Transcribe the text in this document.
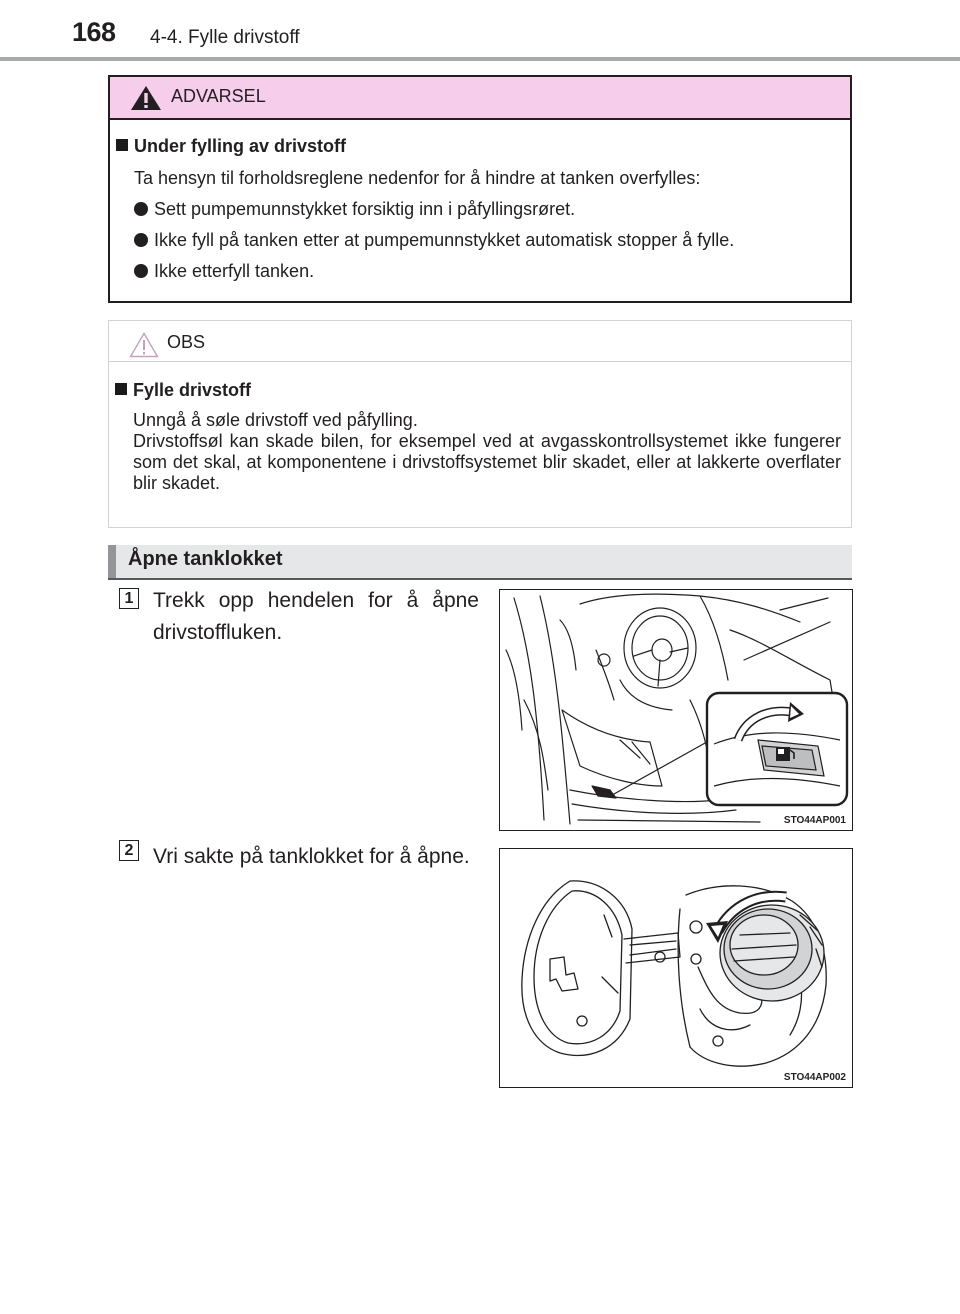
168 4-4. Fylle drivstoff
ADVARSEL
Under fylling av drivstoff
Ta hensyn til forholdsreglene nedenfor for å hindre at tanken overfylles:
Sett pumpemunnstykket forsiktig inn i påfyllingsrøret.
Ikke fyll på tanken etter at pumpemunnstykket automatisk stopper å fylle.
Ikke etterfyll tanken.
OBS
Fylle drivstoff
Unngå å søle drivstoff ved påfylling.
Drivstoffsøl kan skade bilen, for eksempel ved at avgasskontrollsystemet ikke fungerer som det skal, at komponentene i drivstoffsystemet blir skadet, eller at lakkerte overflater blir skadet.
Åpne tanklokket
1 Trekk opp hendelen for å åpne drivstoffluken.
STO44AP001
2 Vri sakte på tanklokket for å åpne.
STO44AP002
